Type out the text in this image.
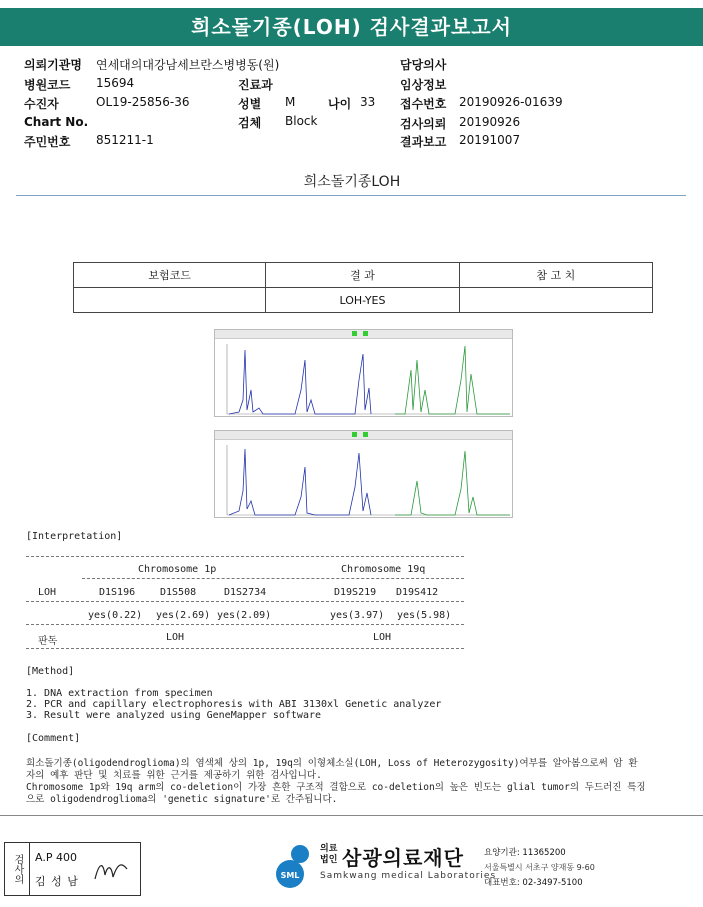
희소돌기종(LOH) 검사결과보고서
의뢰기관명 연세대의대강남세브란스병병동(원)
병원코드 15694
수진자	OL19-25856-36
Chart No.
주민번호 851211-1
진료과
성별 M	나이 33
검체 Block
담당의사
임상정보
접수번호 20190926-01639
검사의뢰 20190926
결과보고 20191007
희소돌기종LOH
보험코드	결 과	참 고 치
	LOH-YES	
[Interpretation]
Chromosome 1p	Chromosome 19q
LOH	D1S196 D1S508	D1S2734	D19S219 D19S412
yes(0.22) yes(2.69) yes(2.09)	yes(3.97) yes(5.98)
판독	LOH	LOH
[Method]
1. DNA extraction from specimen
2. PCR and capillary electrophoresis with ABI 3130xl Genetic analyzer
3. Result were analyzed using GeneMapper software
[Comment]
희소돌기종(oligodendroglioma)의 염색체 상의 1p, 19q의 이형체소실(LOH, Loss of Heterozygosity)여부를 알아봄으로써 암 환
자의 예후 판단 및 치료를 위한 근거를 제공하기 위한 검사입니다.
Chromosome 1p와 19q arm의 co-deletion이 가장 흔한 구조적 결함으로 co-deletion의 높은 빈도는 glial tumor의 두드러진 특징
으로 oligodendroglioma의 'genetic signature'로 간주됩니다.
검사의	A.P 400
김 성 남	SML
의료
법인 삼광의료재단
Samkwang medical Laboratories
요양기관: 11365200
서울특별시 서초구 양재동 9-60
대표번호: 02-3497-5100
